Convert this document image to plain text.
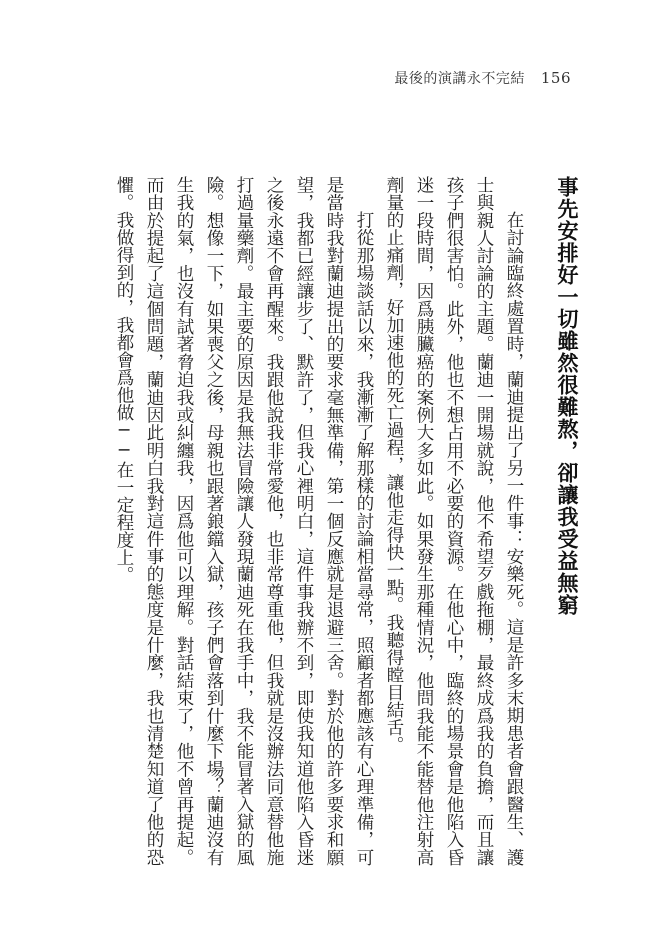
最後的演講永不完結 156
事先安排好一切雖然很難熬，卻讓我受益無窮

在討論臨終處置時，蘭迪提出了另一件事：安樂死。這是許多末期患者會跟醫生、護士與親人討論的主題。蘭迪一開場就說，他不希望歹戲拖棚，最終成爲我的負擔，而且讓孩子們很害怕。此外，他也不想占用不必要的資源。在他心中，臨終的場景會是他陷入昏迷一段時間，因爲胰臟癌的案例大多如此。如果發生那種情況，他問我能不能替他注射高劑量的止痛劑，好加速他的死亡過程，讓他走得快一點。我聽得瞠目結舌。

打從那場談話以來，我漸漸了解那樣的討論相當尋常，照顧者都應該有心理準備，可是當時我對蘭迪提出的要求毫無準備，第一個反應就是退避三舍。對於他的許多要求和願望，我都已經讓步了、默許了，但我心裡明白，這件事我辦不到，即使我知道他陷入昏迷之後永遠不會再醒來。我跟他說我非常愛他，也非常尊重他，但我就是沒辦法同意替他施打過量藥劑。最主要的原因是我無法冒險讓人發現蘭迪死在我手中，我不能冒著入獄的風險。想像一下，如果喪父之後，母親也跟著鋃鐺入獄，孩子們會落到什麼下場？蘭迪沒有生我的氣，也沒有試著脅迫我或糾纏我，因爲他可以理解。對話結束了，他不曾再提起。而由於提起了這個問題，蘭迪因此明白我對這件事的態度是什麼，我也清楚知道了他的恐懼。我做得到的，我都會爲他做──在一定程度上。
